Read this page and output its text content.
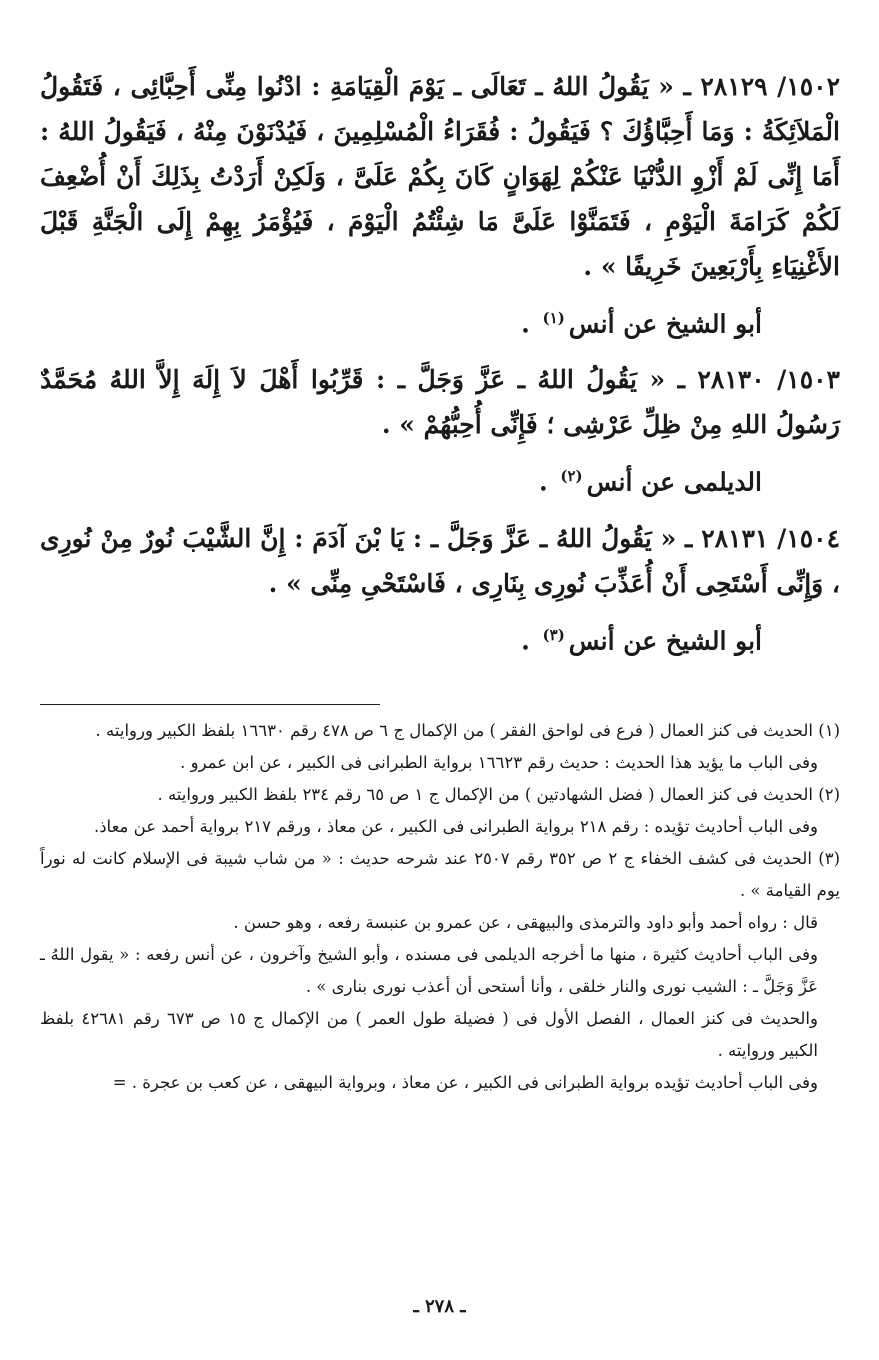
١٥٠٢/ ٢٨١٢٩ ـ « يَقُولُ اللهُ ـ تَعَالَى ـ يَوْمَ الْقِيَامَةِ : ادْنُوا مِنِّى أَحِبَّائِى ، فَتَقُولُ الْمَلاَئِكَةُ : وَمَا أَحِبَّاؤُكَ ؟ فَيَقُولُ : فُقَرَاءُ الْمُسْلِمِينَ ، فَيُدْنَوْنَ مِنْهُ ، فَيَقُولُ اللهُ : أَمَا إِنِّى لَمْ أَزْوِ الدُّنْيَا عَنْكُمْ لِهَوَانٍ كَانَ بِكُمْ عَلَىَّ ، وَلَكِنْ أَرَدْتُ بِذَلِكَ أَنْ أُضْعِفَ لَكُمْ كَرَامَةَ الْيَوْمِ ، فَتَمَنَّوْا عَلَىَّ مَا شِئْتُمُ الْيَوْمَ ، فَيُؤْمَرُ بِهِمْ إِلَى الْجَنَّةِ قَبْلَ الأَغْنِيَاءِ بِأَرْبَعِينَ خَرِيفًا » .

أبو الشيخ عن أنس$^{(١)}$ .

١٥٠٣/ ٢٨١٣٠ ـ « يَقُولُ اللهُ ـ عَزَّ وَجَلَّ ـ : قَرِّبُوا أَهْلَ لاَ إِلَهَ إِلاَّ اللهُ مُحَمَّدٌ رَسُولُ اللهِ مِنْ ظِلِّ عَرْشِى ؛ فَإِنِّى أُحِبُّهُمْ » .

الديلمى عن أنس$^{(٢)}$ .

١٥٠٤/ ٢٨١٣١ ـ « يَقُولُ اللهُ ـ عَزَّ وَجَلَّ ـ : يَا بْنَ آدَمَ : إِنَّ الشَّيْبَ نُورٌ مِنْ نُورِى ، وَإِنِّى أَسْتَحِى أَنْ أُعَذِّبَ نُورِى بِنَارِى ، فَاسْتَحْىِ مِنِّى » .

أبو الشيخ عن أنس$^{(٣)}$ .

(١) الحديث فى كنز العمال ( فرع فى لواحق الفقر ) من الإكمال ج ٦ ص ٤٧٨ رقم ١٦٦٣٠ بلفظ الكبير وروايته .

وفى الباب ما يؤيد هذا الحديث : حديث رقم ١٦٦٢٣ برواية الطبرانى فى الكبير ، عن ابن عمرو .

(٢) الحديث فى كنز العمال ( فضل الشهادتين ) من الإكمال ج ١ ص ٦٥ رقم ٢٣٤ بلفظ الكبير وروايته .

وفى الباب أحاديث تؤيده : رقم ٢١٨ برواية الطبرانى فى الكبير ، عن معاذ ، ورقم ٢١٧ برواية أحمد عن معاذ.

(٣) الحديث فى كشف الخفاء ج ٢ ص ٣٥٢ رقم ٢٥٠٧ عند شرحه حديث : « من شاب شيبة فى الإسلام كانت له نوراً يوم القيامة » .

قال : رواه أحمد وأبو داود والترمذى والبيهقى ، عن عمرو بن عنبسة رفعه ، وهو حسن .

وفى الباب أحاديث كثيرة ، منها ما أخرجه الديلمى فى مسنده ، وأبو الشيخ وآخرون ، عن أنس رفعه : « يقول اللهُ ـ عَزَّ وَجَلَّ ـ : الشيب نورى والنار خلقى ، وأنا أستحى أن أعذب نورى بنارى » .

والحديث فى كنز العمال ، الفصل الأول فى ( فضيلة طول العمر ) من الإكمال ج ١٥ ص ٦٧٣ رقم ٤٢٦٨١ بلفظ الكبير وروايته .

وفى الباب أحاديث تؤيده برواية الطبرانى فى الكبير ، عن معاذ ، وبرواية البيهقى ، عن كعب بن عجرة . =

ـ ٢٧٨ ـ
